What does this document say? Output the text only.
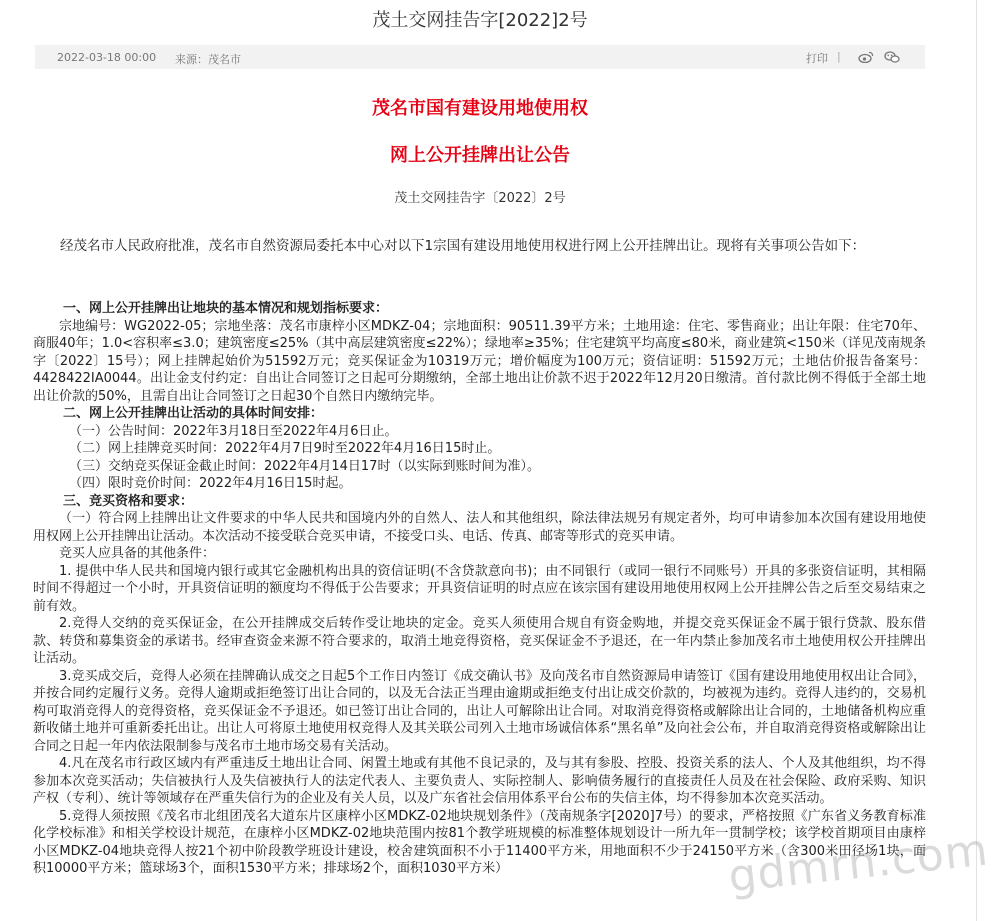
茂土交网挂告字[2022]2号
2022-03-18 00:00 来源：茂名市	打印 |
茂名市国有建设用地使用权
网上公开挂牌出让公告
茂土交网挂告字〔2022〕2号
经茂名市人民政府批准，茂名市自然资源局委托本中心对以下1宗国有建设用地使用权进行网上公开挂牌出让。现将有关事项公告如下：

一、网上公开挂牌出让地块的基本情况和规划指标要求：

宗地编号：WG2022-05；宗地坐落：茂名市康梓小区MDKZ-04；宗地面积：90511.39平方米；土地用途：住宅、零售商业；出让年限：住宅70年、商服40年；1.0<容积率≤3.0；建筑密度≤25%（其中高层建筑密度≤22%）；绿地率≥35%；住宅建筑平均高度≤80米，商业建筑<150米（详见茂南规条字〔2022〕15号）；网上挂牌起始价为51592万元；竞买保证金为10319万元；增价幅度为100万元；资信证明：51592万元；土地估价报告备案号：4428422IA0044。出让金支付约定：自出让合同签订之日起可分期缴纳，全部土地出让价款不迟于2022年12月20日缴清。首付款比例不得低于全部土地出让价款的50%，且需自出让合同签订之日起30个自然日内缴纳完毕。

二、网上公开挂牌出让活动的具体时间安排：

（一）公告时间：2022年3月18日至2022年4月6日止。

（二）网上挂牌竞买时间：2022年4月7日9时至2022年4月16日15时止。

（三）交纳竞买保证金截止时间：2022年4月14日17时（以实际到账时间为准）。

（四）限时竞价时间：2022年4月16日15时起。

三、竞买资格和要求：

（一）符合网上挂牌出让文件要求的中华人民共和国境内外的自然人、法人和其他组织，除法律法规另有规定者外，均可申请参加本次国有建设用地使用权网上公开挂牌出让活动。本次活动不接受联合竞买申请，不接受口头、电话、传真、邮寄等形式的竞买申请。

竞买人应具备的其他条件：

1. 提供中华人民共和国境内银行或其它金融机构出具的资信证明(不含贷款意向书)；由不同银行（或同一银行不同账号）开具的多张资信证明，其相隔时间不得超过一个小时，开具资信证明的额度均不得低于公告要求；开具资信证明的时点应在该宗国有建设用地使用权网上公开挂牌公告之后至交易结束之前有效。

2.竞得人交纳的竞买保证金，在公开挂牌成交后转作受让地块的定金。竞买人须使用合规自有资金购地，并提交竞买保证金不属于银行贷款、股东借款、转贷和募集资金的承诺书。经审查资金来源不符合要求的，取消土地竞得资格，竞买保证金不予退还，在一年内禁止参加茂名市土地使用权公开挂牌出让活动。

3.竞买成交后，竞得人必须在挂牌确认成交之日起5个工作日内签订《成交确认书》及向茂名市自然资源局申请签订《国有建设用地使用权出让合同》，并按合同约定履行义务。竞得人逾期或拒绝签订出让合同的，以及无合法正当理由逾期或拒绝支付出让成交价款的，均被视为违约。竞得人违约的，交易机构可取消竞得人的竞得资格，竞买保证金不予退还。如已签订出让合同的，出让人可解除出让合同。对取消竞得资格或解除出让合同的，土地储备机构应重新收储土地并可重新委托出让。出让人可将原土地使用权竞得人及其关联公司列入土地市场诚信体系“黑名单”及向社会公布，并自取消竞得资格或解除出让合同之日起一年内依法限制参与茂名市土地市场交易有关活动。

4.凡在茂名市行政区域内有严重违反土地出让合同、闲置土地或有其他不良记录的，及与其有参股、控股、投资关系的法人、个人及其他组织，均不得参加本次竞买活动；失信被执行人及失信被执行人的法定代表人、主要负责人、实际控制人、影响债务履行的直接责任人员及在社会保险、政府采购、知识产权（专利）、统计等领域存在严重失信行为的企业及有关人员，以及广东省社会信用体系平台公布的失信主体，均不得参加本次竞买活动。

5.竞得人须按照《茂名市北组团茂名大道东片区康梓小区MDKZ-02地块规划条件》（茂南规条字[2020]7号）的要求，严格按照《广东省义务教育标准化学校标准》和相关学校设计规范，在康梓小区MDKZ-02地块范围内按81个教学班规模的标准整体规划设计一所九年一贯制学校；该学校首期项目由康梓小区MDKZ-04地块竞得人按21个初中阶段教学班设计建设，校舍建筑面积不小于11400平方米，用地面积不少于24150平方米（含300米田径场1块，面积10000平方米；篮球场3个，面积1530平方米；排球场2个，面积1030平方米）	gdmrn.com
